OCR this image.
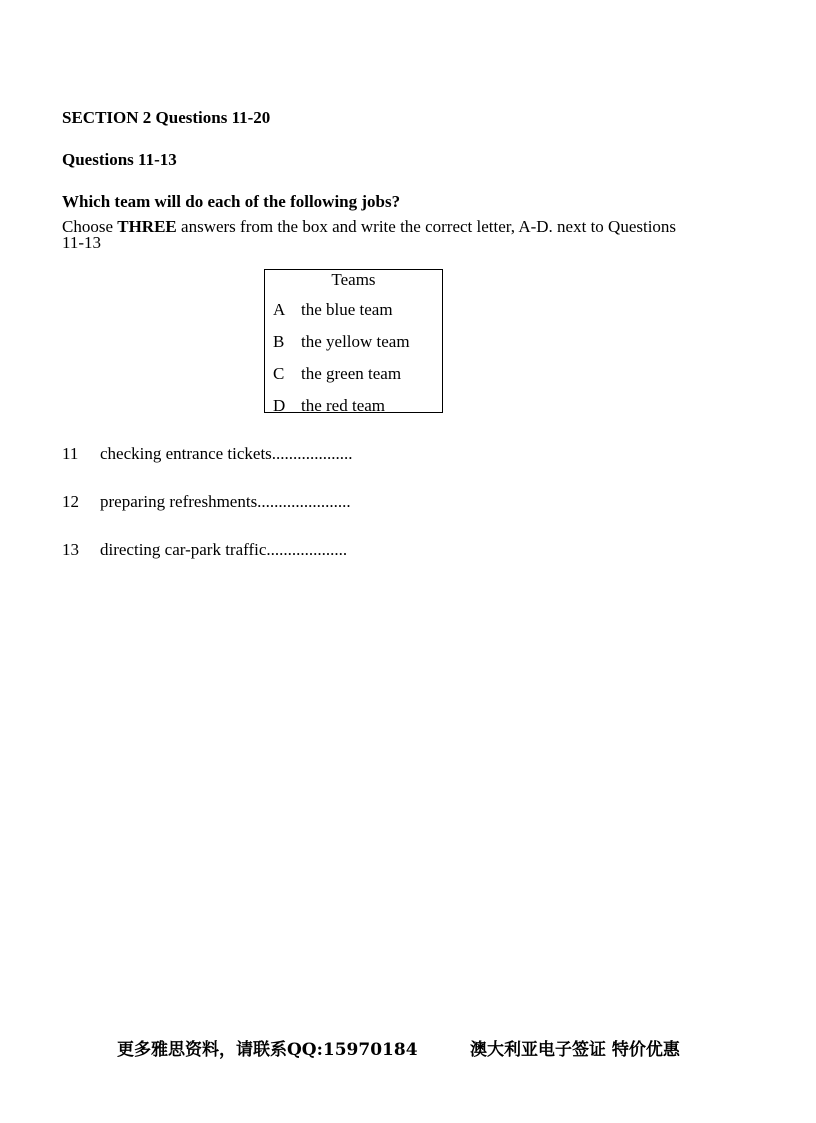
SECTION 2 Questions 11-20
Questions 11-13
Which team will do each of the following jobs?
Choose THREE answers from the box and write the correct letter, A-D. next to Questions 11-13
Teams
A the blue team
B the yellow team
C the green team
D the red team
11 checking entrance tickets...................
12 preparing refreshments......................
13 directing car-park traffic...................
更多雅思资料，请联系QQ:15970184	澳大利亚电子签证 特价优惠
